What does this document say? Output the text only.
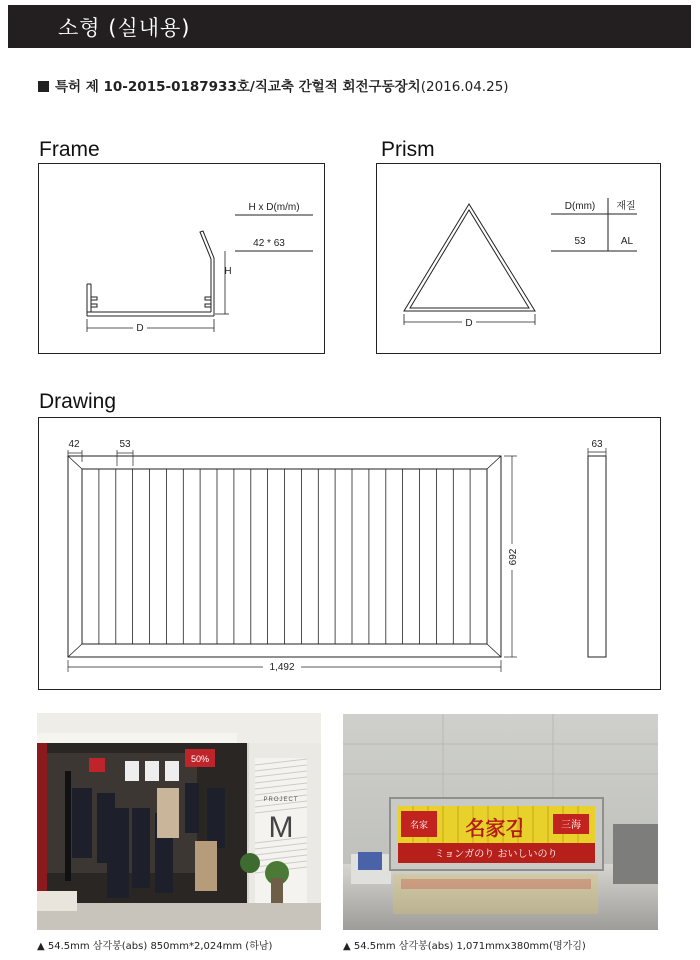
소형 (실내용)
특허 제 10-2015-0187933호/직교축 간헐적 회전구동장치(2016.04.25)
Frame
H x D(m/m)
42 * 63
H
D
Prism
D(mm) 재질
53	AL
D
Drawing
42	53
692
1,492
63
50%
PROJECT
M
▲ 54.5mm 삼각봉(abs) 850mm*2,024mm (하남)
名家 名家김	三海
ミョンガのり おいしいのり
▲ 54.5mm 삼각봉(abs) 1,071mmx380mm(명가김)
